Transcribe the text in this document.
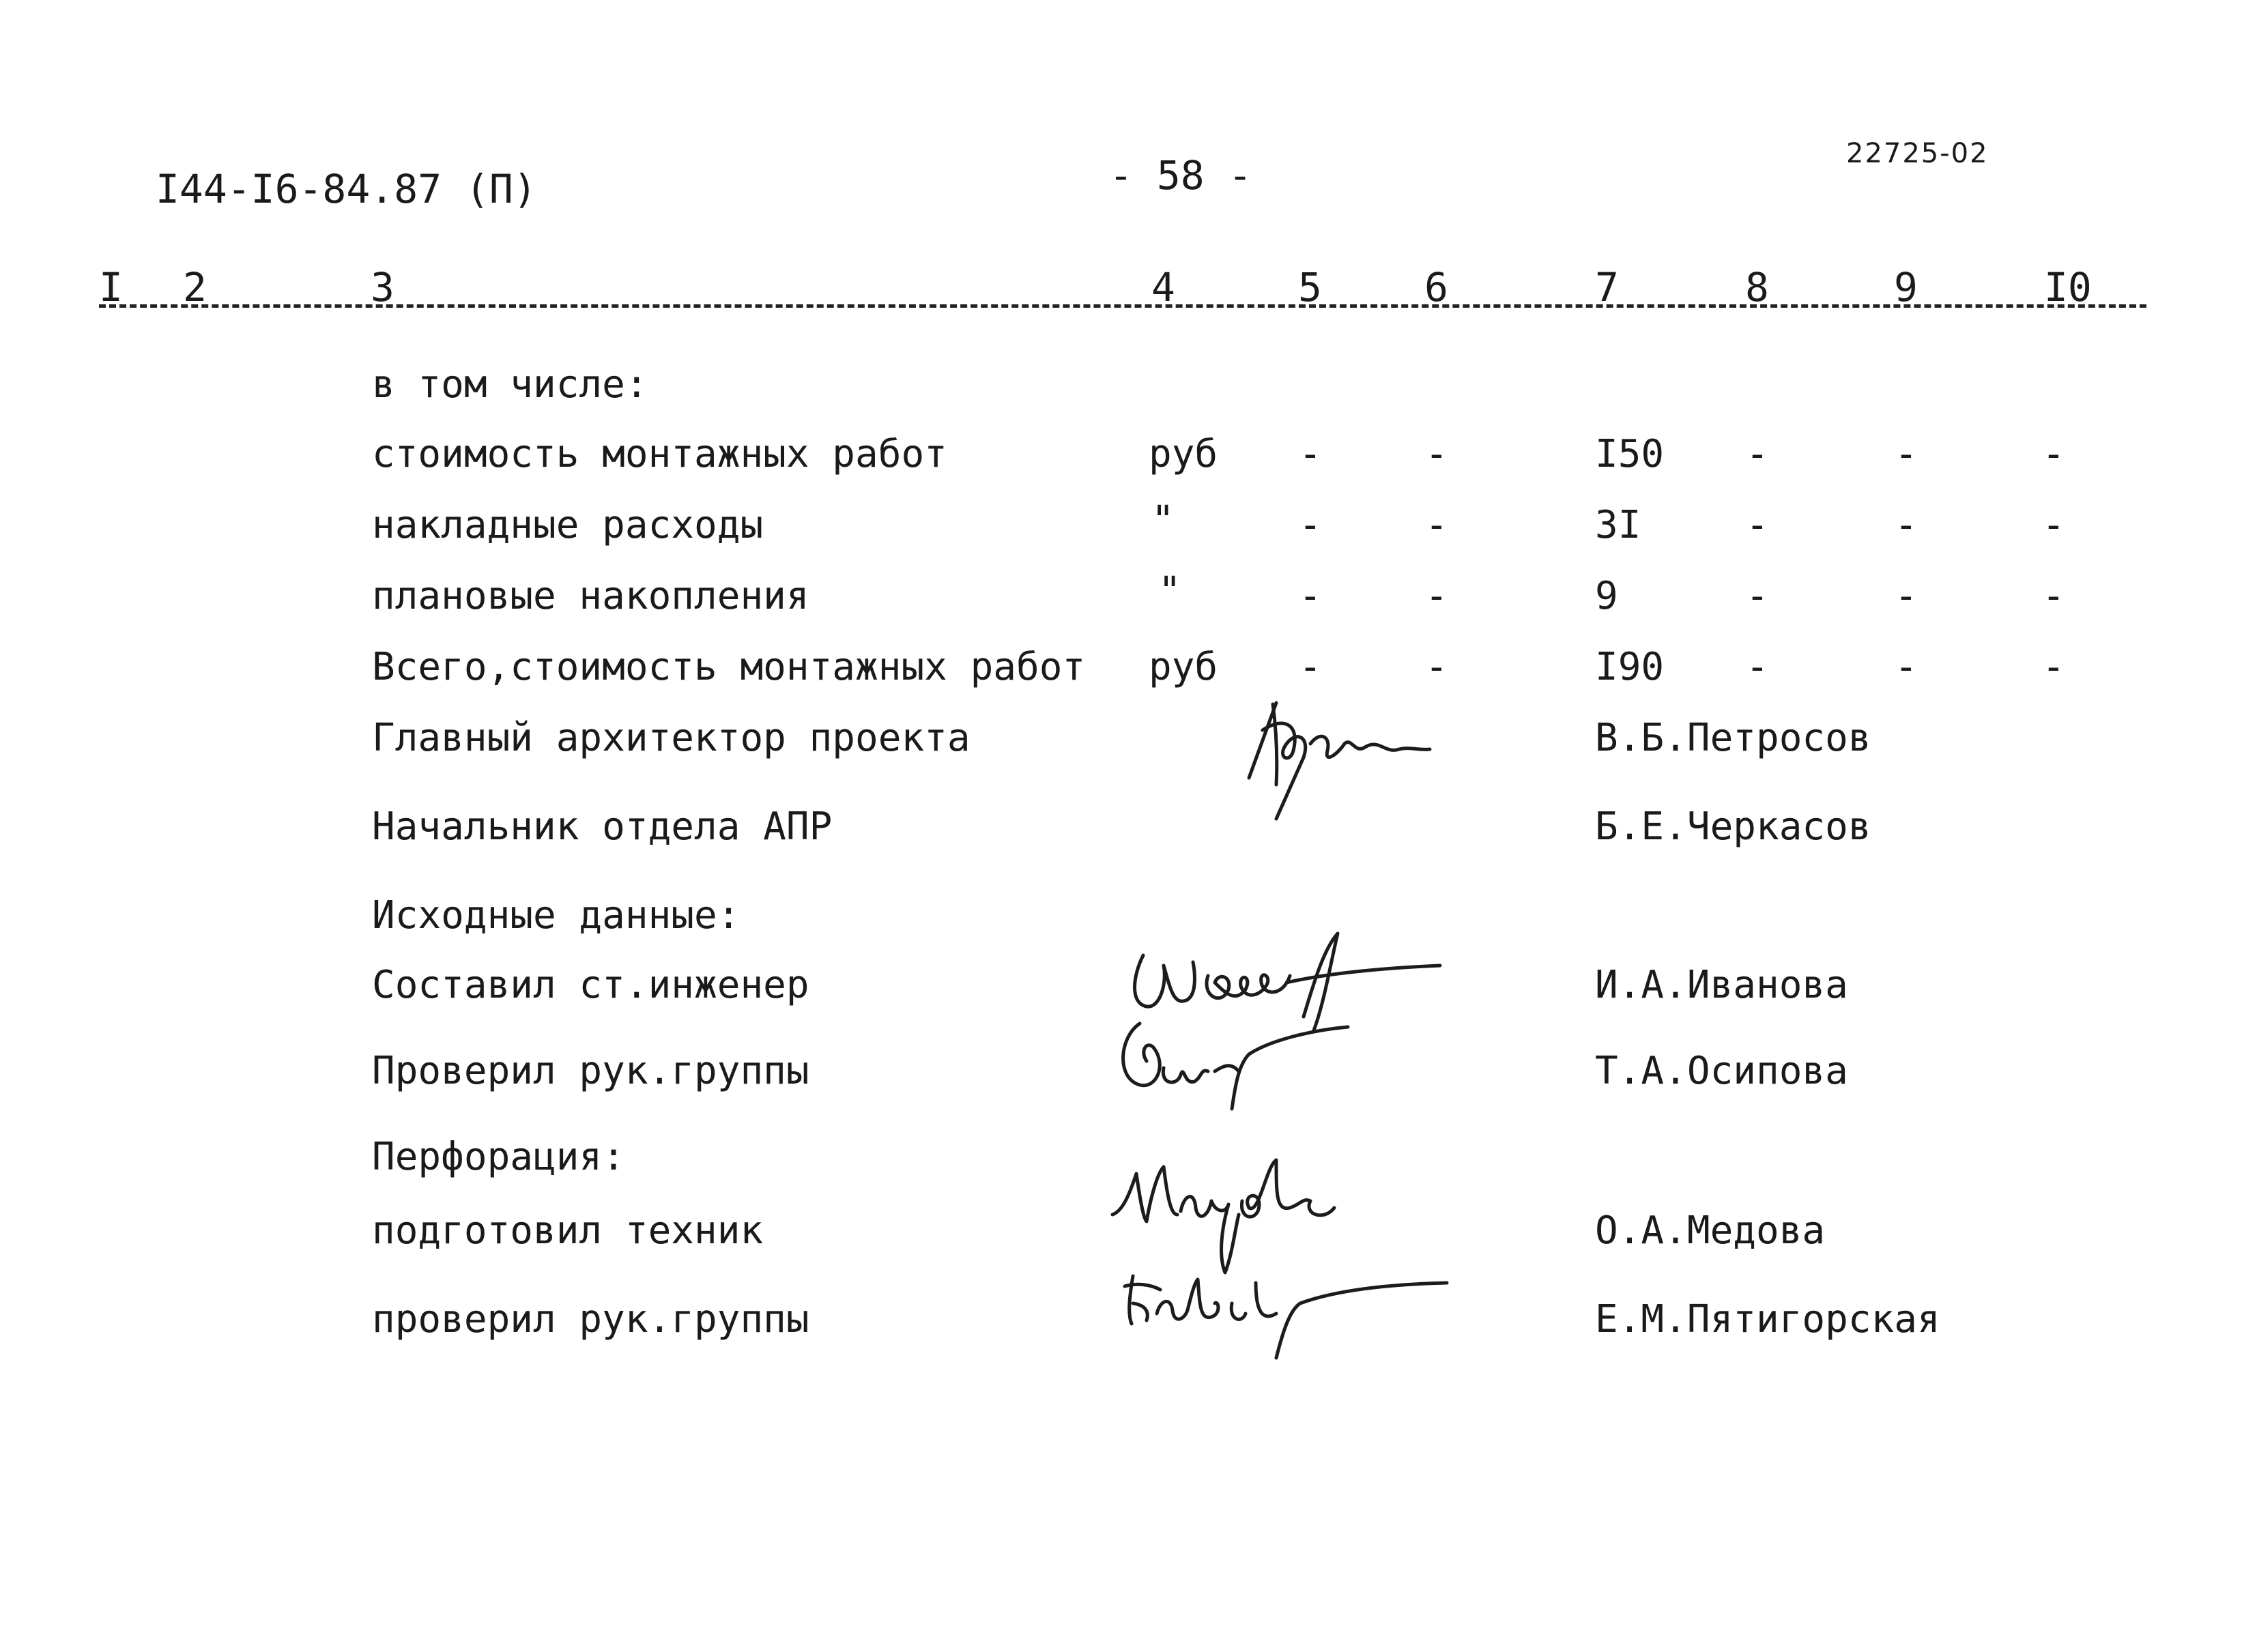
I44-I6-84.87 (П)	- 58 -	22725-02
I 2	3	4	5	6	7	8	9	I0
в том числе:
стоимость монтажных работ	руб -	-	I50 -	-	-
накладные расходы	"	-	-	3I	-	-	-
плановые накопления	"	-	-	9	-	-	-
Всего,стоимость монтажных работ руб -	-	I90 -	-	-
Главный архитектор проекта	В.Б.Петросов
Начальник отдела АПР	Б.Е.Черкасов
Исходные данные:
Составил ст.инженер	И.А.Иванова
Проверил рук.группы	Т.А.Осипова
Перфорация:
подготовил техник	О.А.Медова
проверил рук.группы	Е.М.Пятигорская
